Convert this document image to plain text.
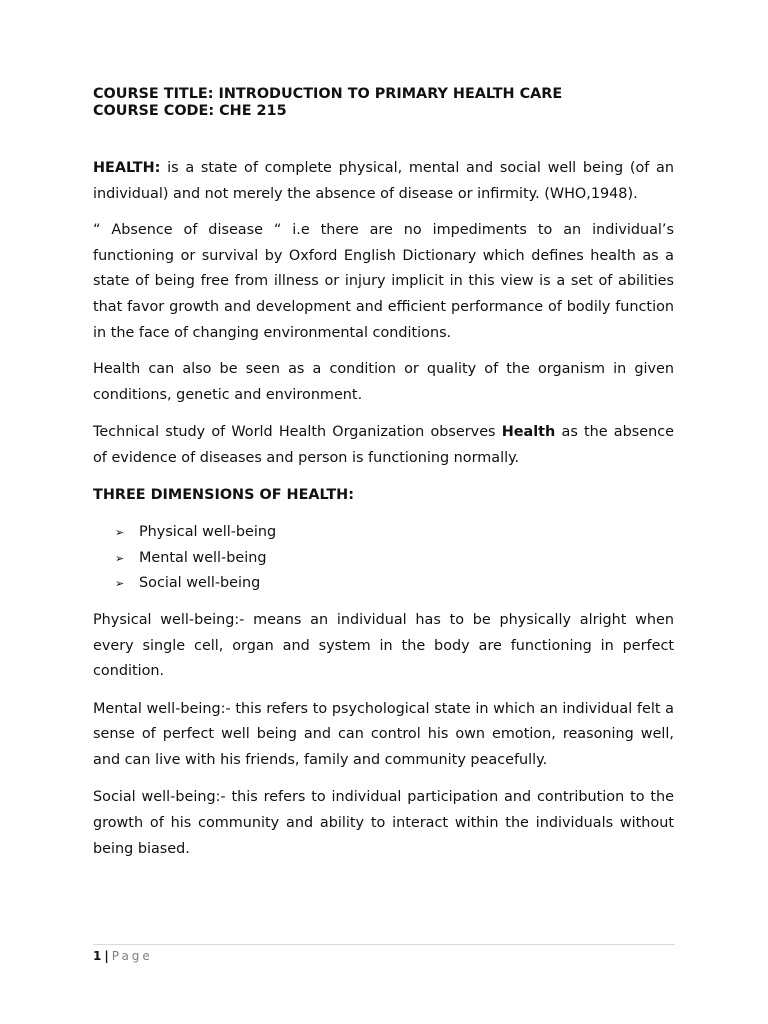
COURSE TITLE: INTRODUCTION TO PRIMARY HEALTH CARE
COURSE CODE: CHE 215

HEALTH: is a state of complete physical, mental and social well being (of an individual) and not merely the absence of disease or infirmity. (WHO,1948).

“ Absence of disease “ i.e there are no impediments to an individual’s functioning or survival by Oxford English Dictionary which defines health as a state of being free from illness or injury implicit in this view is a set of abilities that favor growth and development and efficient performance of bodily function in the face of changing environmental conditions.

Health can also be seen as a condition or quality of the organism in given conditions, genetic and environment.

Technical study of World Health Organization observes Health as the absence of evidence of diseases and person is functioning normally.

THREE DIMENSIONS OF HEALTH:

➢	Physical well-being
➢	Mental well-being
➢	Social well-being

Physical well-being:- means an individual has to be physically alright when every single cell, organ and system in the body are functioning in perfect condition.

Mental well-being:- this refers to psychological state in which an individual felt a sense of perfect well being and can control his own emotion, reasoning well, and can live with his friends, family and community peacefully.

Social well-being:- this refers to individual participation and contribution to the growth of his community and ability to interact within the individuals without being biased.

1 | Page
